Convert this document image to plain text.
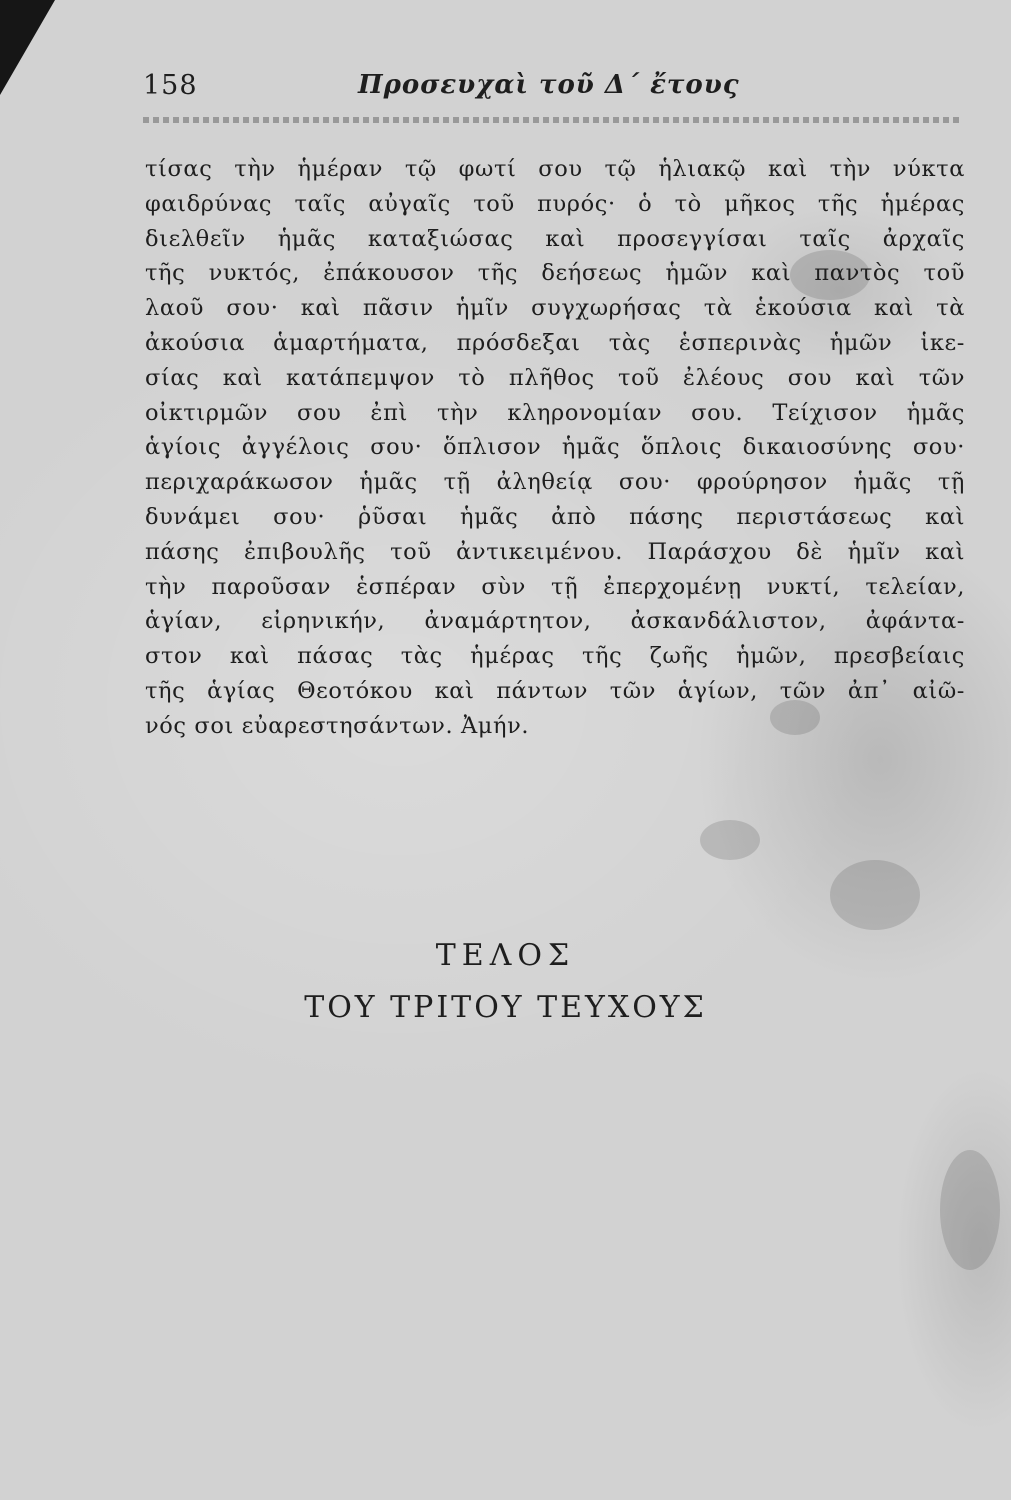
158	Προσευχαὶ τοῦ Δ΄ ἔτους
τίσας τὴν ἡμέραν τῷ φωτί σου τῷ ἡλιακῷ καὶ τὴν νύκτα
φαιδρύνας ταῖς αὐγαῖς τοῦ πυρός· ὁ τὸ μῆκος τῆς ἡμέρας
διελθεῖν ἡμᾶς καταξιώσας καὶ προσεγγίσαι ταῖς ἀρχαῖς
τῆς νυκτός, ἐπάκουσον τῆς δεήσεως ἡμῶν καὶ παντὸς τοῦ
λαοῦ σου· καὶ πᾶσιν ἡμῖν συγχωρήσας τὰ ἑκούσια καὶ τὰ
ἀκούσια ἁμαρτήματα, πρόσδεξαι τὰς ἑσπερινὰς ἡμῶν ἱκε-
σίας καὶ κατάπεμψον τὸ πλῆθος τοῦ ἐλέους σου καὶ τῶν
οἰκτιρμῶν σου ἐπὶ τὴν κληρονομίαν σου. Τείχισον ἡμᾶς
ἁγίοις ἀγγέλοις σου· ὅπλισον ἡμᾶς ὅπλοις δικαιοσύνης σου·
περιχαράκωσον ἡμᾶς τῇ ἀληθείᾳ σου· φρούρησον ἡμᾶς τῇ
δυνάμει σου· ῥῦσαι ἡμᾶς ἀπὸ πάσης περιστάσεως καὶ
πάσης ἐπιβουλῆς τοῦ ἀντικειμένου. Παράσχου δὲ ἡμῖν καὶ
τὴν παροῦσαν ἑσπέραν σὺν τῇ ἐπερχομένῃ νυκτί, τελείαν,
ἁγίαν, εἰρηνικήν, ἀναμάρτητον, ἀσκανδάλιστον, ἀφάντα-
στον καὶ πάσας τὰς ἡμέρας τῆς ζωῆς ἡμῶν, πρεσβείαις
τῆς ἁγίας Θεοτόκου καὶ πάντων τῶν ἁγίων, τῶν ἀπ᾽ αἰῶ-
νός σοι εὐαρεστησάντων. Ἀμήν.
ΤΕΛΟΣ
ΤΟΥ ΤΡΙΤΟΥ ΤΕΥΧΟΥΣ
